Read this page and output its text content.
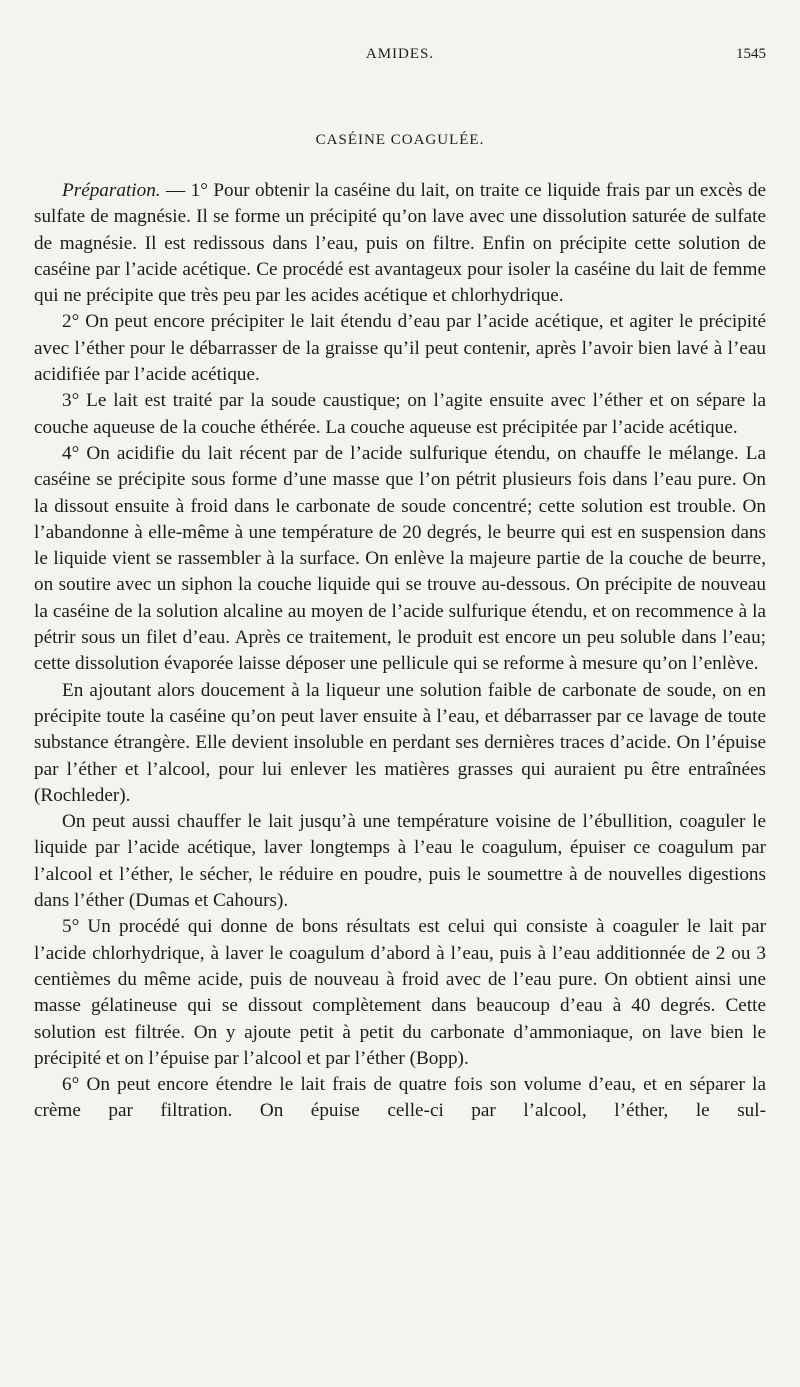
AMIDES.	1545
CASÉINE COAGULÉE.

Préparation. — 1° Pour obtenir la caséine du lait, on traite ce liquide frais par un excès de sulfate de magnésie. Il se forme un précipité qu’on lave avec une dissolution saturée de sulfate de magnésie. Il est redissous dans l’eau, puis on filtre. Enfin on précipite cette solution de caséine par l’acide acétique. Ce procédé est avantageux pour isoler la caséine du lait de femme qui ne précipite que très peu par les acides acétique et chlorhydrique.

2° On peut encore précipiter le lait étendu d’eau par l’acide acétique, et agiter le précipité avec l’éther pour le débarrasser de la graisse qu’il peut contenir, après l’avoir bien lavé à l’eau acidifiée par l’acide acétique.

3° Le lait est traité par la soude caustique; on l’agite ensuite avec l’éther et on sépare la couche aqueuse de la couche éthérée. La couche aqueuse est précipitée par l’acide acétique.

4° On acidifie du lait récent par de l’acide sulfurique étendu, on chauffe le mélange. La caséine se précipite sous forme d’une masse que l’on pétrit plusieurs fois dans l’eau pure. On la dissout ensuite à froid dans le carbonate de soude concentré; cette solution est trouble. On l’abandonne à elle-même à une température de 20 degrés, le beurre qui est en suspension dans le liquide vient se rassembler à la surface. On enlève la majeure partie de la couche de beurre, on soutire avec un siphon la couche liquide qui se trouve au-dessous. On précipite de nouveau la caséine de la solution alcaline au moyen de l’acide sulfurique étendu, et on recommence à la pétrir sous un filet d’eau. Après ce traitement, le produit est encore un peu soluble dans l’eau; cette dissolution évaporée laisse déposer une pellicule qui se reforme à mesure qu’on l’enlève.

En ajoutant alors doucement à la liqueur une solution faible de carbonate de soude, on en précipite toute la caséine qu’on peut laver ensuite à l’eau, et débarrasser par ce lavage de toute substance étrangère. Elle devient insoluble en perdant ses dernières traces d’acide. On l’épuise par l’éther et l’alcool, pour lui enlever les matières grasses qui auraient pu être entraînées (Rochleder).

On peut aussi chauffer le lait jusqu’à une température voisine de l’ébullition, coaguler le liquide par l’acide acétique, laver longtemps à l’eau le coagulum, épuiser ce coagulum par l’alcool et l’éther, le sécher, le réduire en poudre, puis le soumettre à de nouvelles digestions dans l’éther (Dumas et Cahours).

5° Un procédé qui donne de bons résultats est celui qui consiste à coaguler le lait par l’acide chlorhydrique, à laver le coagulum d’abord à l’eau, puis à l’eau additionnée de 2 ou 3 centièmes du même acide, puis de nouveau à froid avec de l’eau pure. On obtient ainsi une masse gélatineuse qui se dissout complètement dans beaucoup d’eau à 40 degrés. Cette solution est filtrée. On y ajoute petit à petit du carbonate d’ammoniaque, on lave bien le précipité et on l’épuise par l’alcool et par l’éther (Bopp).

6° On peut encore étendre le lait frais de quatre fois son volume d’eau, et en séparer la crème par filtration. On épuise celle-ci par l’alcool, l’éther, le sul-
